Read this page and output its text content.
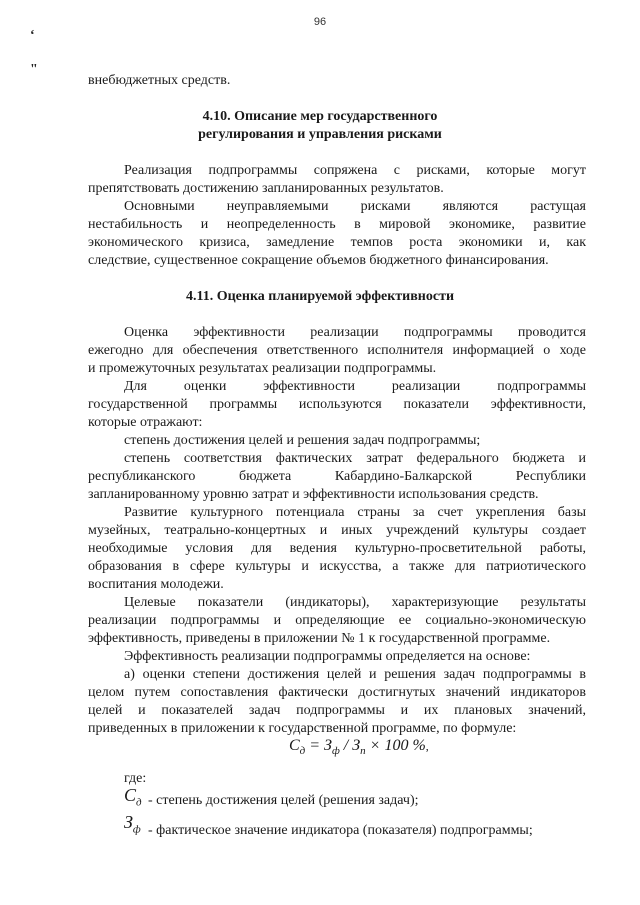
96
‘
"
внебюджетных средств.
4.10. Описание мер государственного
регулирования и управления рисками
Реализация подпрограммы сопряжена с рисками, которые могут
препятствовать достижению запланированных результатов.
Основными неуправляемыми рисками являются растущая
нестабильность и неопределенность в мировой экономике, развитие
экономического кризиса, замедление темпов роста экономики и, как
следствие, существенное сокращение объемов бюджетного финансирования.
4.11. Оценка планируемой эффективности
Оценка эффективности реализации подпрограммы проводится
ежегодно для обеспечения ответственного исполнителя информацией о ходе
и промежуточных результатах реализации подпрограммы.
Для оценки эффективности реализации подпрограммы
государственной программы используются показатели эффективности,
которые отражают:
степень достижения целей и решения задач подпрограммы;
степень соответствия фактических затрат федерального бюджета и
республиканского бюджета Кабардино-Балкарской Республики
запланированному уровню затрат и эффективности использования средств.
Развитие культурного потенциала страны за счет укрепления базы
музейных, театрально-концертных и иных учреждений культуры создает
необходимые условия для ведения культурно-просветительной работы,
образования в сфере культуры и искусства, а также для патриотического
воспитания молодежи.
Целевые показатели (индикаторы), характеризующие результаты
реализации подпрограммы и определяющие ее социально-экономическую
эффективность, приведены в приложении № 1 к государственной программе.
Эффективность реализации подпрограммы определяется на основе:
а) оценки степени достижения целей и решения задач подпрограммы в
целом путем сопоставления фактически достигнутых значений индикаторов
целей и показателей задач подпрограммы и их плановых значений,
приведенных в приложении к государственной программе, по формуле:
$С_д = З_ф / З_п \times 100$ %,
где:
$С_д$ - степень достижения целей (решения задач);
$З_ф$ - фактическое значение индикатора (показателя) подпрограммы;
